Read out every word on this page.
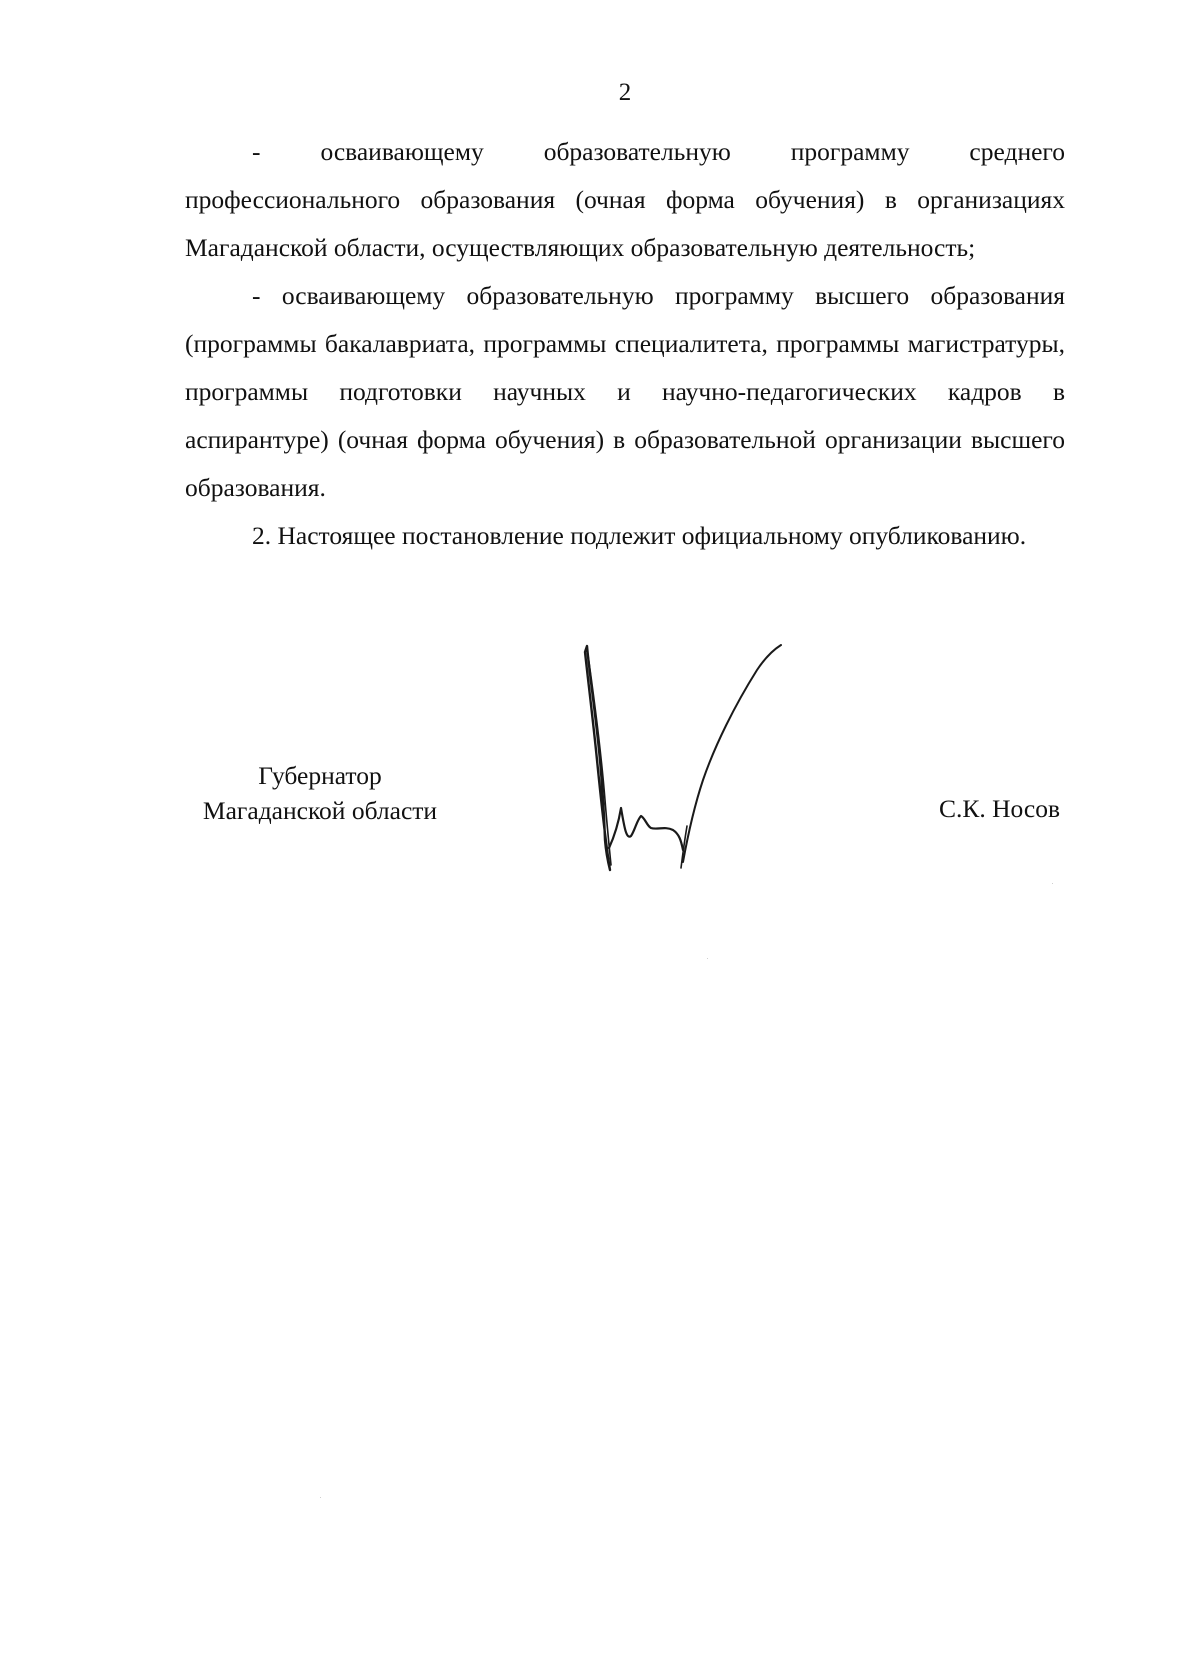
2

- осваивающему образовательную программу среднего профессионального образования (очная форма обучения) в организациях Магаданской области, осуществляющих образовательную деятельность;

- осваивающему образовательную программу высшего образования (программы бакалавриата, программы специалитета, программы магистратуры, программы подготовки научных и научно-педагогических кадров в аспирантуре) (очная форма обучения) в образовательной организации высшего образования.

2. Настоящее постановление подлежит официальному опубликованию.

Губернатор
Магаданской области	С.К. Носов
